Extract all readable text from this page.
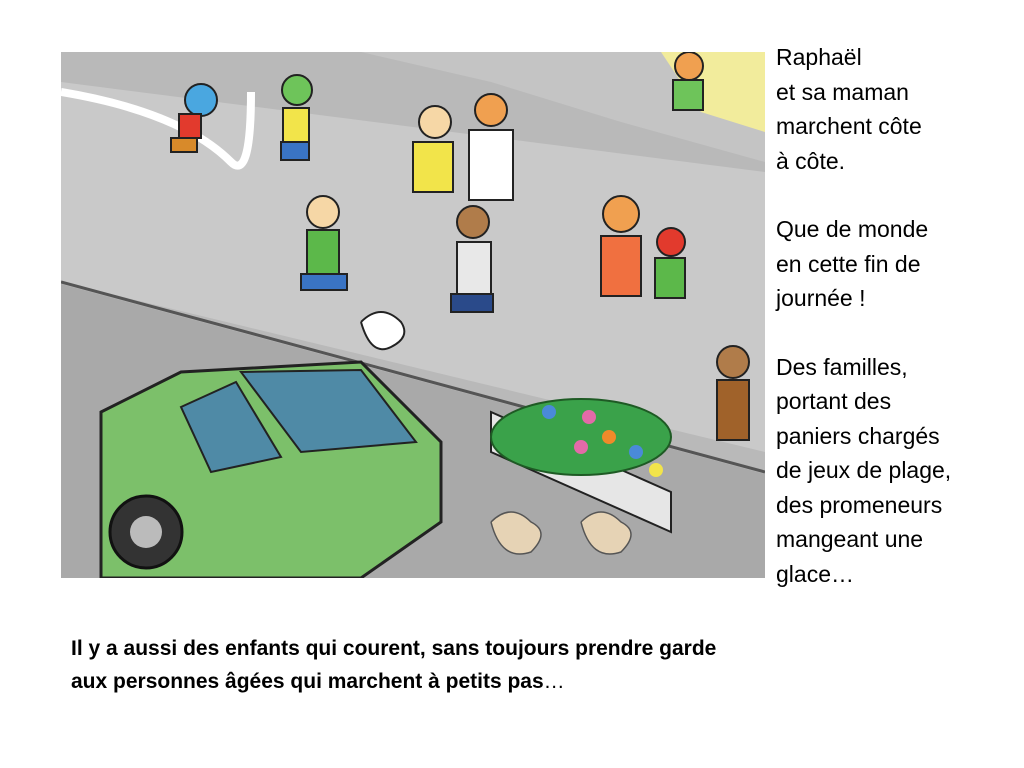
Raphaël
et sa maman
marchent côte
à côte.

Que de monde
en cette fin de
journée !

Des familles,
portant des
paniers chargés
de jeux de plage,
des promeneurs
mangeant une
glace…

Il y a aussi des enfants qui courent, sans toujours prendre garde
aux personnes âgées qui marchent à petits pas…
